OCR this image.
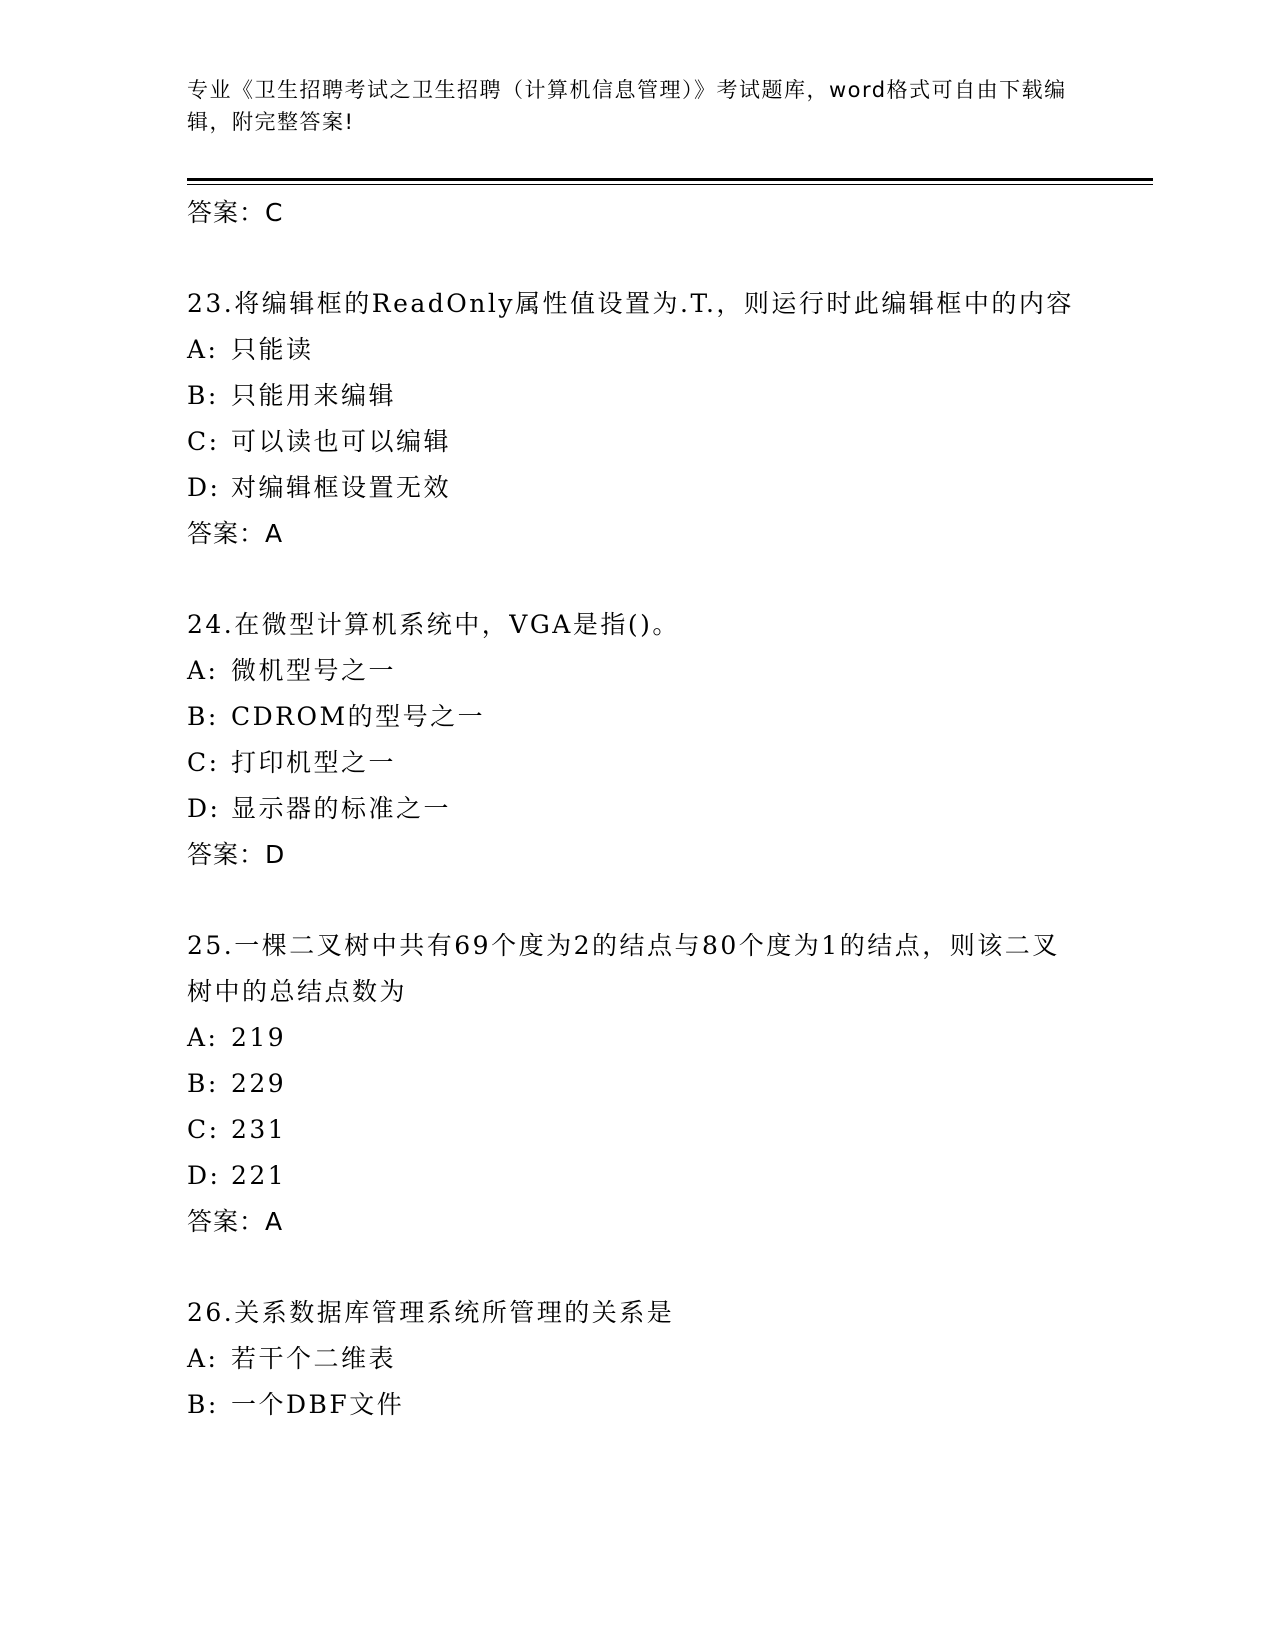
专业《卫生招聘考试之卫生招聘（计算机信息管理）》考试题库，word格式可自由下载编辑，附完整答案!
答案：C
23.将编辑框的ReadOnly属性值设置为.T.，则运行时此编辑框中的内容
A: 只能读
B: 只能用来编辑
C: 可以读也可以编辑
D: 对编辑框设置无效
答案：A
24.在微型计算机系统中，VGA是指()。
A: 微机型号之一
B: CDROM的型号之一
C: 打印机型之一
D: 显示器的标准之一
答案：D
25.一棵二叉树中共有69个度为2的结点与80个度为1的结点，则该二叉树中的总结点数为
A: 219
B: 229
C: 231
D: 221
答案：A
26.关系数据库管理系统所管理的关系是
A: 若干个二维表
B: 一个DBF文件
